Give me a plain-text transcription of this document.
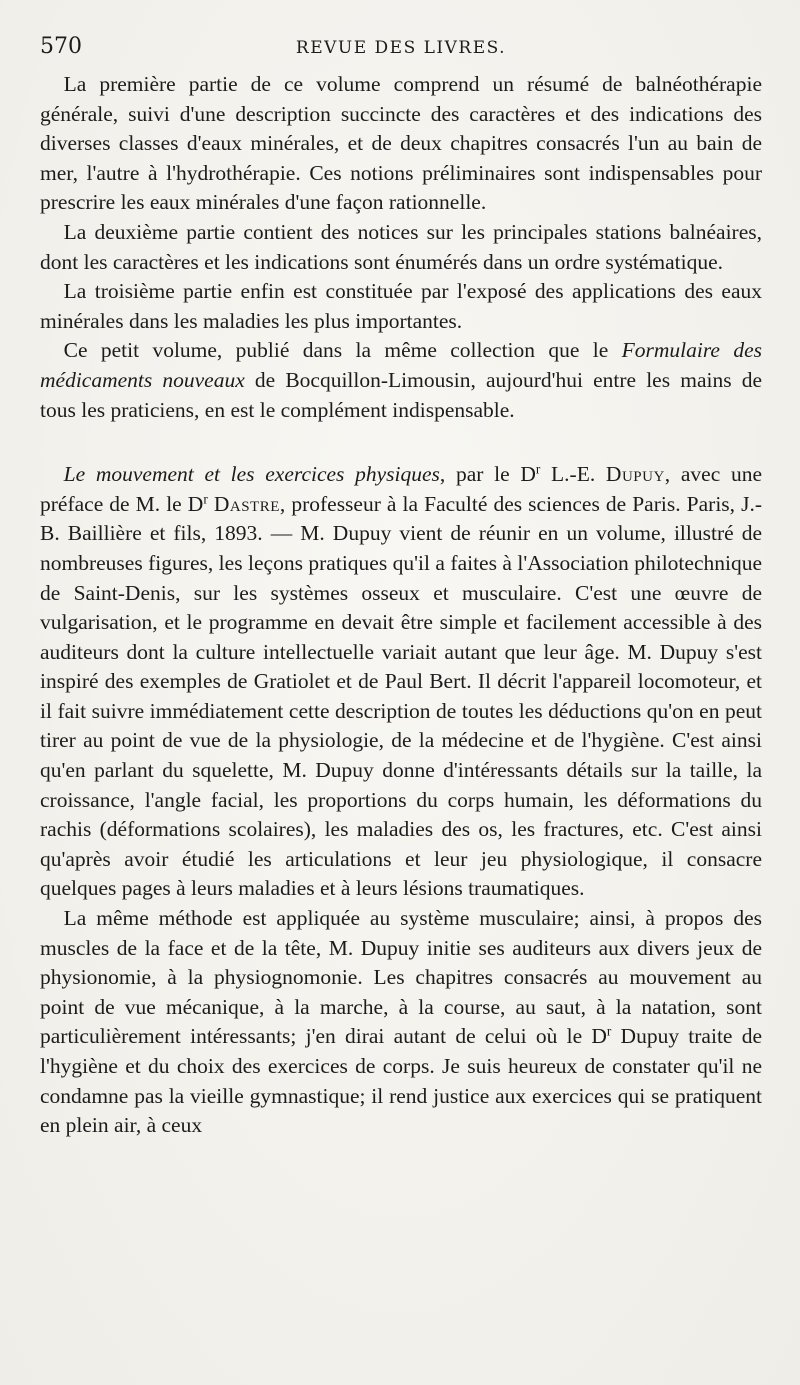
570	REVUE DES LIVRES.

La première partie de ce volume comprend un résumé de balnéothérapie générale, suivi d'une description succincte des caractères et des indications des diverses classes d'eaux minérales, et de deux chapitres consacrés l'un au bain de mer, l'autre à l'hydrothérapie. Ces notions préliminaires sont indispensables pour prescrire les eaux minérales d'une façon rationnelle.

La deuxième partie contient des notices sur les principales stations balnéaires, dont les caractères et les indications sont énumérés dans un ordre systématique.

La troisième partie enfin est constituée par l'exposé des applications des eaux minérales dans les maladies les plus importantes.

Ce petit volume, publié dans la même collection que le Formulaire des médicaments nouveaux de Bocquillon-Limousin, aujourd'hui entre les mains de tous les praticiens, en est le complément indispensable.

Le mouvement et les exercices physiques, par le $D^r$ L.-E. Dupuy, avec une préface de M. le $D^r$ Dastre, professeur à la Faculté des sciences de Paris. Paris, J.-B. Baillière et fils, 1893. — M. Dupuy vient de réunir en un volume, illustré de nombreuses figures, les leçons pratiques qu'il a faites à l'Association philotechnique de Saint-Denis, sur les systèmes osseux et musculaire. C'est une œuvre de vulgarisation, et le programme en devait être simple et facilement accessible à des auditeurs dont la culture intellectuelle variait autant que leur âge. M. Dupuy s'est inspiré des exemples de Gratiolet et de Paul Bert. Il décrit l'appareil locomoteur, et il fait suivre immédiatement cette description de toutes les déductions qu'on en peut tirer au point de vue de la physiologie, de la médecine et de l'hygiène. C'est ainsi qu'en parlant du squelette, M. Dupuy donne d'intéressants détails sur la taille, la croissance, l'angle facial, les proportions du corps humain, les déformations du rachis (déformations scolaires), les maladies des os, les fractures, etc. C'est ainsi qu'après avoir étudié les articulations et leur jeu physiologique, il consacre quelques pages à leurs maladies et à leurs lésions traumatiques.

La même méthode est appliquée au système musculaire; ainsi, à propos des muscles de la face et de la tête, M. Dupuy initie ses auditeurs aux divers jeux de physionomie, à la physiognomonie. Les chapitres consacrés au mouvement au point de vue mécanique, à la marche, à la course, au saut, à la natation, sont particulièrement intéressants; j'en dirai autant de celui où le $D^r$ Dupuy traite de l'hygiène et du choix des exercices de corps. Je suis heureux de constater qu'il ne condamne pas la vieille gymnastique; il rend justice aux exercices qui se pratiquent en plein air, à ceux
